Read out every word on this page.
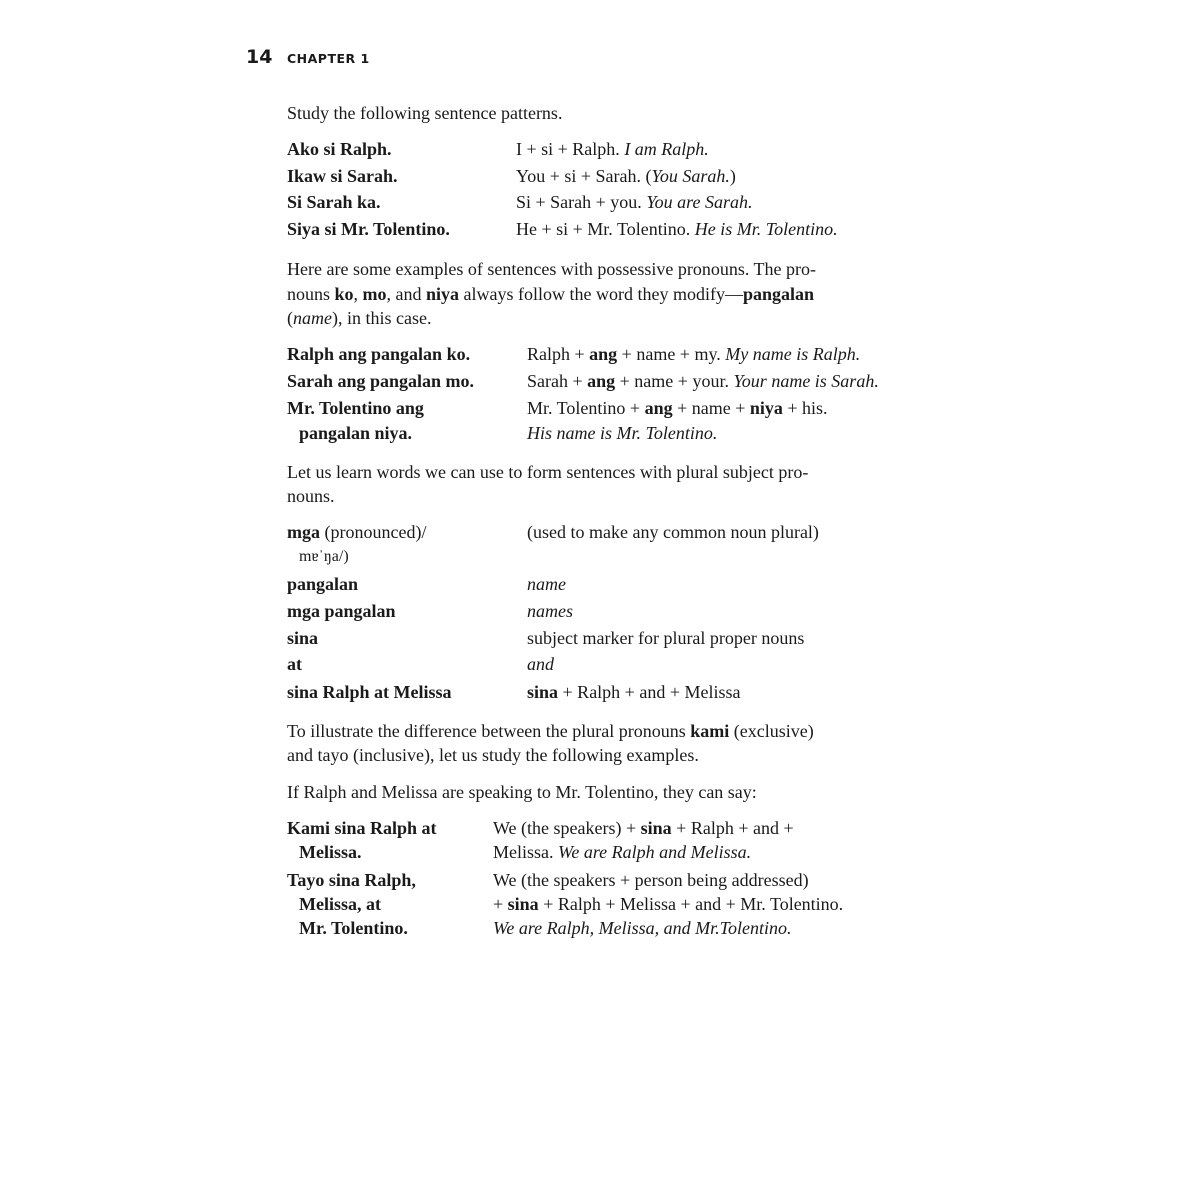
14 CHAPTER 1
Study the following sentence patterns.
Ako si Ralph.	I + si + Ralph. I am Ralph.
Ikaw si Sarah.	You + si + Sarah. (You Sarah.)
Si Sarah ka.	Si + Sarah + you. You are Sarah.
Siya si Mr. Tolentino.	He + si + Mr. Tolentino. He is Mr. Tolentino.
Here are some examples of sentences with possessive pronouns. The pro-
nouns ko, mo, and niya always follow the word they modify—pangalan
(name), in this case.
Ralph ang pangalan ko.	Ralph + ang + name + my. My name is Ralph.
Sarah ang pangalan mo.	Sarah + ang + name + your. Your name is Sarah.
Mr. Tolentino ang	Mr. Tolentino + ang + name + niya + his.
pangalan niya.	His name is Mr. Tolentino.
Let us learn words we can use to form sentences with plural subject pro-
nouns.
mga (pronounced)/	(used to make any common noun plural)
mɐˈŋa/)
pangalan	name
mga pangalan	names
sina	subject marker for plural proper nouns
at	and
sina Ralph at Melissa	sina + Ralph + and + Melissa
To illustrate the difference between the plural pronouns kami (exclusive)
and tayo (inclusive), let us study the following examples.
If Ralph and Melissa are speaking to Mr. Tolentino, they can say:
Kami sina Ralph at	We (the speakers) + sina + Ralph + and +
Melissa.	Melissa. We are Ralph and Melissa.
Tayo sina Ralph,	We (the speakers + person being addressed)
Melissa, at	+ sina + Ralph + Melissa + and + Mr. Tolentino.
Mr. Tolentino.	We are Ralph, Melissa, and Mr.Tolentino.
